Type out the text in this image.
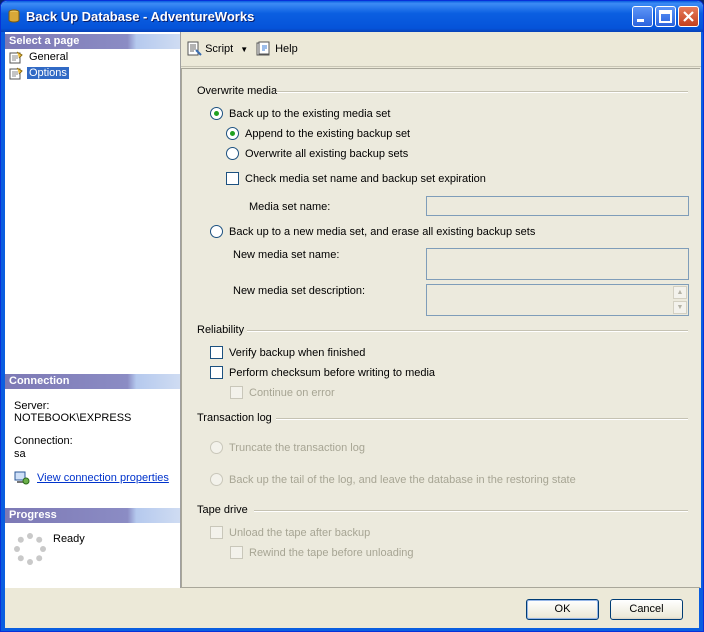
Back Up Database - AdventureWorks
Select a page
General
Options
Connection
Server:
NOTEBOOK\EXPRESS
Connection:
sa
View connection properties
Progress
Ready
Script ▼	Help
Overwrite media
Back up to the existing media set
Append to the existing backup set
Overwrite all existing backup sets
Check media set name and backup set expiration
Media set name:
Back up to a new media set, and erase all existing backup sets
New media set name:
New media set description:	▲
▼
Reliability
Verify backup when finished
Perform checksum before writing to media
Continue on error
Transaction log
Truncate the transaction log
Back up the tail of the log, and leave the database in the restoring state
Tape drive
Unload the tape after backup
Rewind the tape before unloading
OK	Cancel
